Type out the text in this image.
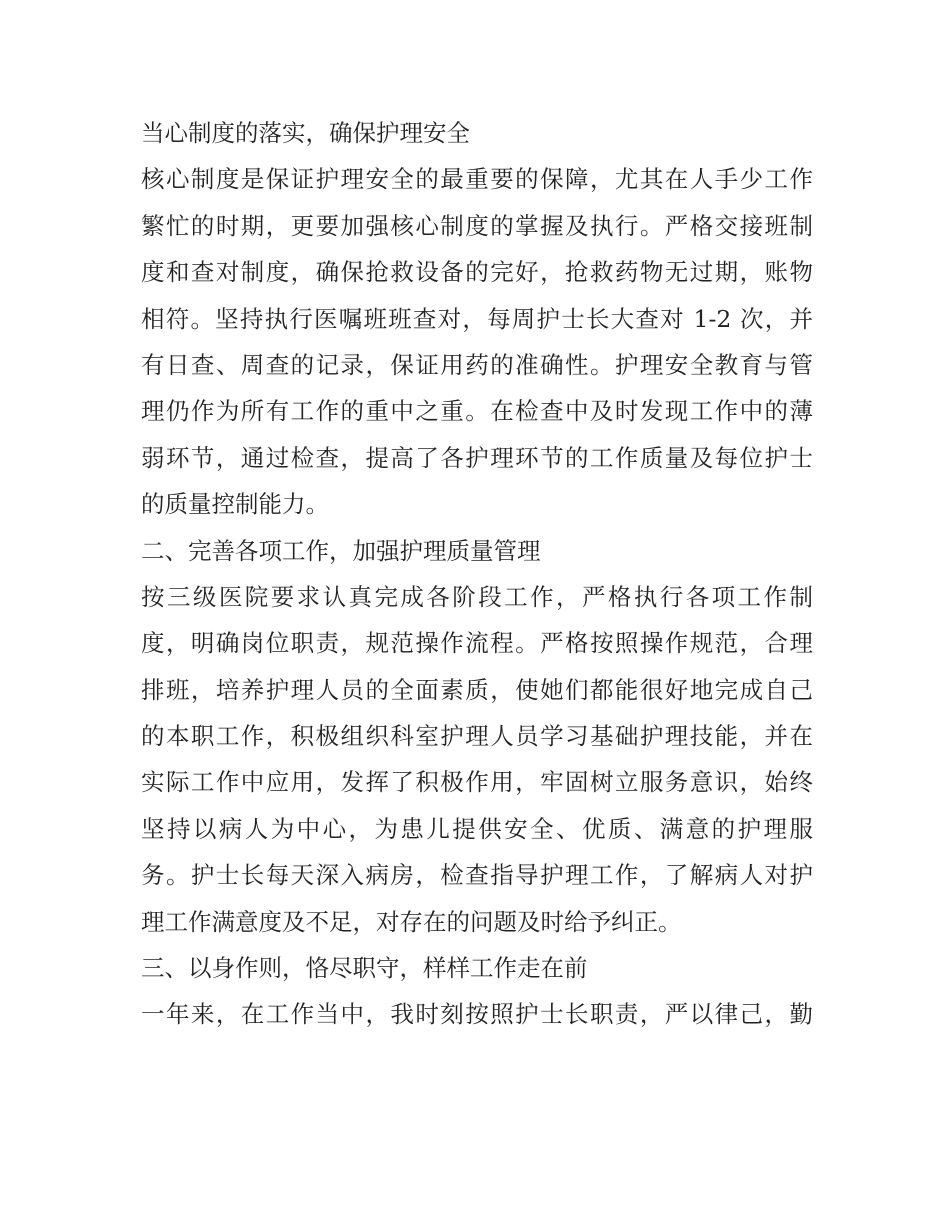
当心制度的落实，确保护理安全
核心制度是保证护理安全的最重要的保障，尤其在人手少工作
繁忙的时期，更要加强核心制度的掌握及执行。严格交接班制
度和查对制度，确保抢救设备的完好，抢救药物无过期，账物
相符。坚持执行医嘱班班查对，每周护士长大查对 1-2 次，并
有日查、周查的记录，保证用药的准确性。护理安全教育与管
理仍作为所有工作的重中之重。在检查中及时发现工作中的薄
弱环节，通过检查，提高了各护理环节的工作质量及每位护士
的质量控制能力。
二、完善各项工作，加强护理质量管理
按三级医院要求认真完成各阶段工作，严格执行各项工作制
度，明确岗位职责，规范操作流程。严格按照操作规范，合理
排班，培养护理人员的全面素质，使她们都能很好地完成自己
的本职工作，积极组织科室护理人员学习基础护理技能，并在
实际工作中应用，发挥了积极作用，牢固树立服务意识，始终
坚持以病人为中心，为患儿提供安全、优质、满意的护理服
务。护士长每天深入病房，检查指导护理工作，了解病人对护
理工作满意度及不足，对存在的问题及时给予纠正。
三、以身作则，恪尽职守，样样工作走在前
一年来，在工作当中，我时刻按照护士长职责，严以律己，勤
